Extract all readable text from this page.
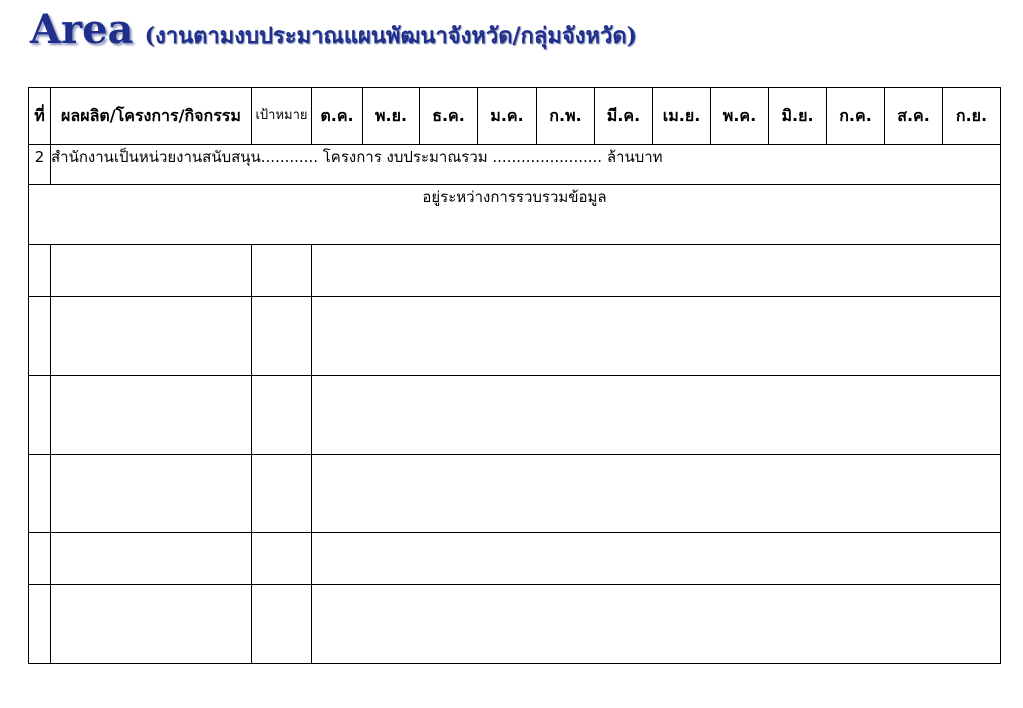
Area (งานตามงบประมาณแผนพัฒนาจังหวัด/กลุ่มจังหวัด)
ที่	ผลผลิต/โครงการ/กิจกรรม	เป้าหมาย	ต.ค.	พ.ย.	ธ.ค.	ม.ค.	ก.พ.	มี.ค.	เม.ย.	พ.ค.	มิ.ย.	ก.ค.	ส.ค.	ก.ย.
2	สำนักงานเป็นหน่วยงานสนับสนุน............ โครงการ งบประมาณรวม ....................... ล้านบาท													
อยู่ระหว่างการรวบรวมข้อมูล														
